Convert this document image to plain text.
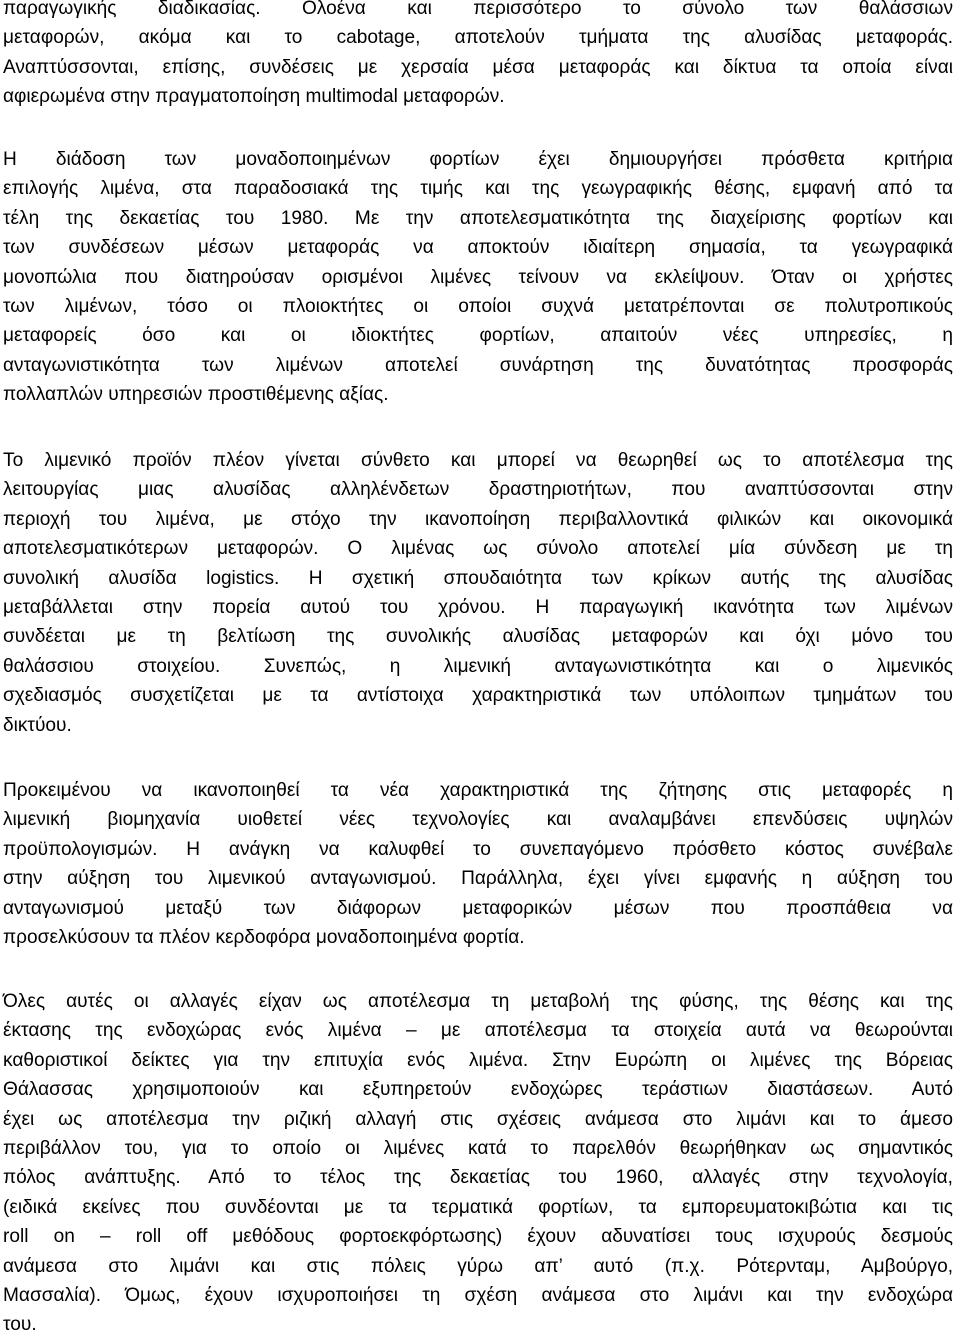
παραγωγικής διαδικασίας. Ολοένα και περισσότερο το σύνολο των θαλάσσιων
μεταφορών, ακόμα και το cabotage, αποτελούν τμήματα της αλυσίδας μεταφοράς.
Αναπτύσσονται, επίσης, συνδέσεις με χερσαία μέσα μεταφοράς και δίκτυα τα οποία είναι
αφιερωμένα στην πραγματοποίηση multimodal μεταφορών.
Η διάδοση των μοναδοποιημένων φορτίων έχει δημιουργήσει πρόσθετα κριτήρια
επιλογής λιμένα, στα παραδοσιακά της τιμής και της γεωγραφικής θέσης, εμφανή από τα
τέλη της δεκαετίας του 1980. Με την αποτελεσματικότητα της διαχείρισης φορτίων και
των συνδέσεων μέσων μεταφοράς να αποκτούν ιδιαίτερη σημασία, τα γεωγραφικά
μονοπώλια που διατηρούσαν ορισμένοι λιμένες τείνουν να εκλείψουν. Όταν οι χρήστες
των λιμένων, τόσο οι πλοιοκτήτες οι οποίοι συχνά μετατρέπονται σε πολυτροπικούς
μεταφορείς όσο και οι ιδιοκτήτες φορτίων, απαιτούν νέες υπηρεσίες, η
ανταγωνιστικότητα των λιμένων αποτελεί συνάρτηση της δυνατότητας προσφοράς
πολλαπλών υπηρεσιών προστιθέμενης αξίας.
Το λιμενικό προϊόν πλέον γίνεται σύνθετο και μπορεί να θεωρηθεί ως το αποτέλεσμα της
λειτουργίας μιας αλυσίδας αλληλένδετων δραστηριοτήτων, που αναπτύσσονται στην
περιοχή του λιμένα, με στόχο την ικανοποίηση περιβαλλοντικά φιλικών και οικονομικά
αποτελεσματικότερων μεταφορών. Ο λιμένας ως σύνολο αποτελεί μία σύνδεση με τη
συνολική αλυσίδα logistics. Η σχετική σπουδαιότητα των κρίκων αυτής της αλυσίδας
μεταβάλλεται στην πορεία αυτού του χρόνου. Η παραγωγική ικανότητα των λιμένων
συνδέεται με τη βελτίωση της συνολικής αλυσίδας μεταφορών και όχι μόνο του
θαλάσσιου στοιχείου. Συνεπώς, η λιμενική ανταγωνιστικότητα και ο λιμενικός
σχεδιασμός συσχετίζεται με τα αντίστοιχα χαρακτηριστικά των υπόλοιπων τμημάτων του
δικτύου.
Προκειμένου να ικανοποιηθεί τα νέα χαρακτηριστικά της ζήτησης στις μεταφορές η
λιμενική βιομηχανία υιοθετεί νέες τεχνολογίες και αναλαμβάνει επενδύσεις υψηλών
προϋπολογισμών. Η ανάγκη να καλυφθεί το συνεπαγόμενο πρόσθετο κόστος συνέβαλε
στην αύξηση του λιμενικού ανταγωνισμού. Παράλληλα, έχει γίνει εμφανής η αύξηση του
ανταγωνισμού μεταξύ των διάφορων μεταφορικών μέσων που προσπάθεια να
προσελκύσουν τα πλέον κερδοφόρα μοναδοποιημένα φορτία.
Όλες αυτές οι αλλαγές είχαν ως αποτέλεσμα τη μεταβολή της φύσης, της θέσης και της
έκτασης της ενδοχώρας ενός λιμένα – με αποτέλεσμα τα στοιχεία αυτά να θεωρούνται
καθοριστικοί δείκτες για την επιτυχία ενός λιμένα. Στην Ευρώπη οι λιμένες της Βόρειας
Θάλασσας χρησιμοποιούν και εξυπηρετούν ενδοχώρες τεράστιων διαστάσεων. Αυτό
έχει ως αποτέλεσμα την ριζική αλλαγή στις σχέσεις ανάμεσα στο λιμάνι και το άμεσο
περιβάλλον του, για το οποίο οι λιμένες κατά το παρελθόν θεωρήθηκαν ως σημαντικός
πόλος ανάπτυξης. Από το τέλος της δεκαετίας του 1960, αλλαγές στην τεχνολογία,
(ειδικά εκείνες που συνδέονται με τα τερματικά φορτίων, τα εμπορευματοκιβώτια και τις
roll on – roll off μεθόδους φορτοεκφόρτωσης) έχουν αδυνατίσει τους ισχυρούς δεσμούς
ανάμεσα στο λιμάνι και στις πόλεις γύρω απ’ αυτό (π.χ. Ρότερνταμ, Αμβούργο,
Μασσαλία). Όμως, έχουν ισχυροποιήσει τη σχέση ανάμεσα στο λιμάνι και την ενδοχώρα
του.
